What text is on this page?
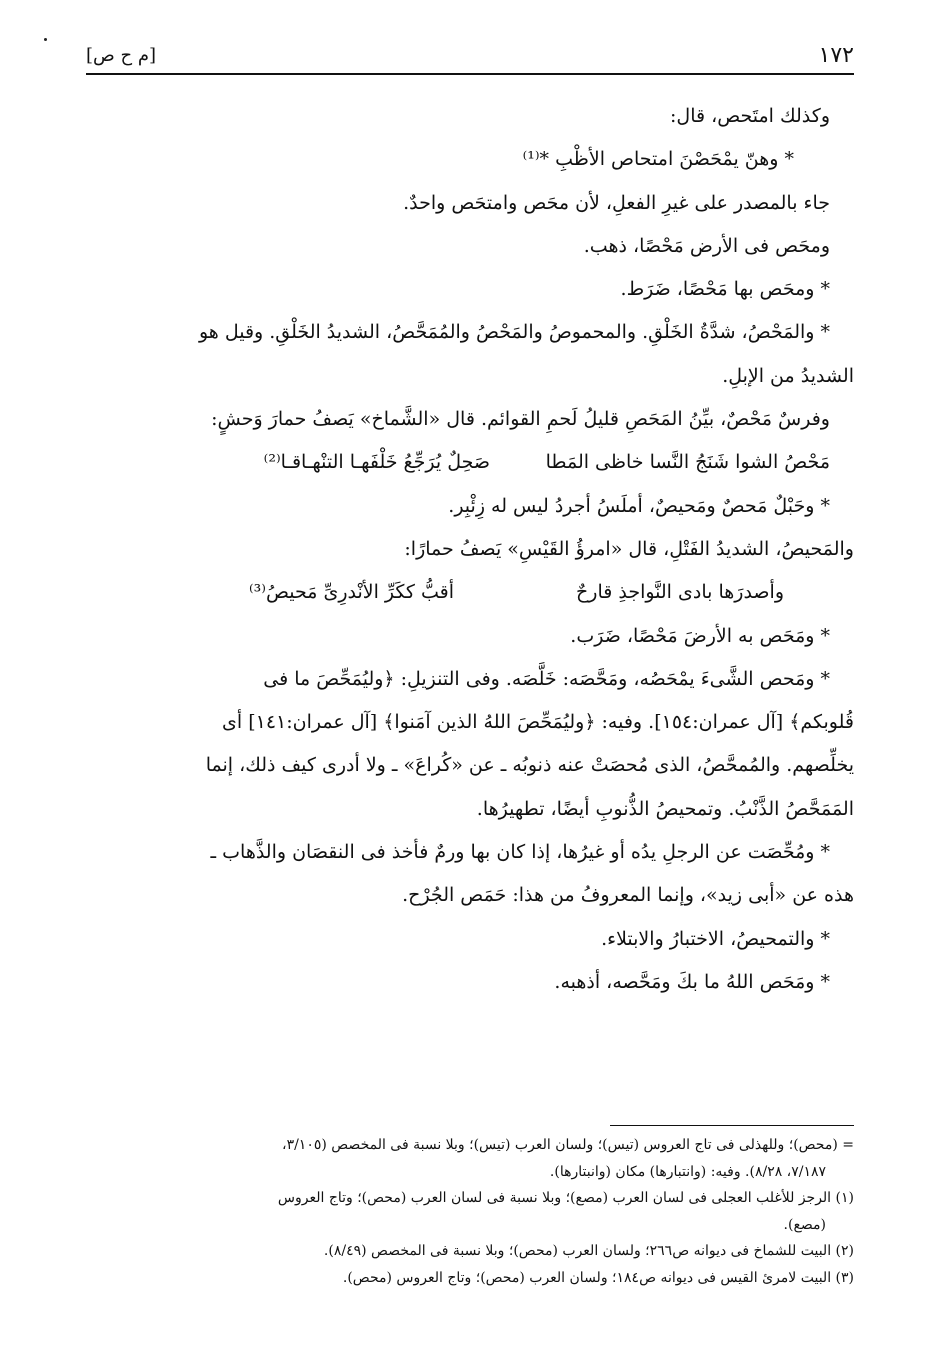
[م ح ص]	١٧٢
وكذلك امتَحص، قال:
* وهنّ يمْحَصْنَ امتحاص الأظْبِ *⁽¹⁾
جاء بالمصدر على غيرِ الفعلِ، لأن محَص وامتحَص واحدٌ.
ومحَص فى الأرض مَحْصًا، ذهب.
* ومحَص بها مَحْصًا، ضَرَط.
* والمَحْصُ، شدَّةُ الخَلْقِ. والمحموصُ والمَحْصُ والمُمَحَّصُ، الشديدُ الخَلْقِ. وقيل هو
الشديدُ من الإبلِ.
وفرسٌ مَحْصٌ، بيِّنُ المَحَصِ قليلُ لَحمِ القوائم. قال «الشَّماخ» يَصفُ حمارَ وَحشٍ:
مَحْصُ الشوا شَنَجُ النَّسا خاظى المَطا
صَحِلٌ يُرَجِّعُ خَلْفَهـا التنْهـاقـا⁽²⁾
* وحَبْلٌ مَحصٌ ومَحيصٌ، أملَسُ أجردُ ليس له زِئْبِر.
والمَحيصُ، الشديدُ الفَتْلِ، قال «امرؤُ القَيْسِ» يَصفُ حمارًا:
وأصدرَها بادى النَّواجذِ قارحٌ
أقبُّ ككَرِّ الأنْدرِىِّ مَحيصُ⁽³⁾
* ومَحَص به الأرضَ مَحْصًا، ضَرَب.
* ومَحص الشَّىءَ يمْحَصُه، ومَحَّصَه: خَلَّصَه. وفى التنزيلِ: ﴿وليُمَحِّصَ ما فى
قُلوبكم﴾ [آل عمران:١٥٤]. وفيه: ﴿وليُمَحِّصَ اللهُ الذين آمَنوا﴾ [آل عمران:١٤١] أى
يخلِّصهم. والمُمحَّصُ، الذى مُحصَتْ عنه ذنوبُه ـ عن «كُراعَ» ـ ولا أدرى كيف ذلك، إنما
المَمَحَّصُ الذَّنْبُ. وتمحيصُ الذُّنوبِ أيضًا، تطهيرُها.
* ومُحِّصَت عن الرجلِ يدُه أو غيرُها، إذا كان بها ورمٌ فأخذ فى النقصَان والذَّهاب ـ
هذه عن «أبى زيد»، وإنما المعروفُ من هذا: حَمَص الجُرْح.
* والتمحيصُ، الاختبارُ والابتلاء.
* ومَحَص اللهُ ما بكَ ومَحَّصه، أذهبه.
= (محص)؛ وللهذلى فى تاج العروس (تيس)؛ ولسان العرب (تيس)؛ وبلا نسبة فى المخصص (٣/١٠٥،
٧/١٨٧، ٨/٢٨). وفيه: (وانتبارها) مكان (وانبتارها).
(١) الرجز للأغلب العجلى فى لسان العرب (مصع)؛ وبلا نسبة فى لسان العرب (محص)؛ وتاج العروس
(مصع).
(٢) البيت للشماخ فى ديوانه ص٢٦٦؛ ولسان العرب (محص)؛ وبلا نسبة فى المخصص (٨/٤٩).
(٣) البيت لامرئ القيس فى ديوانه ص١٨٤؛ ولسان العرب (محص)؛ وتاج العروس (محص).
